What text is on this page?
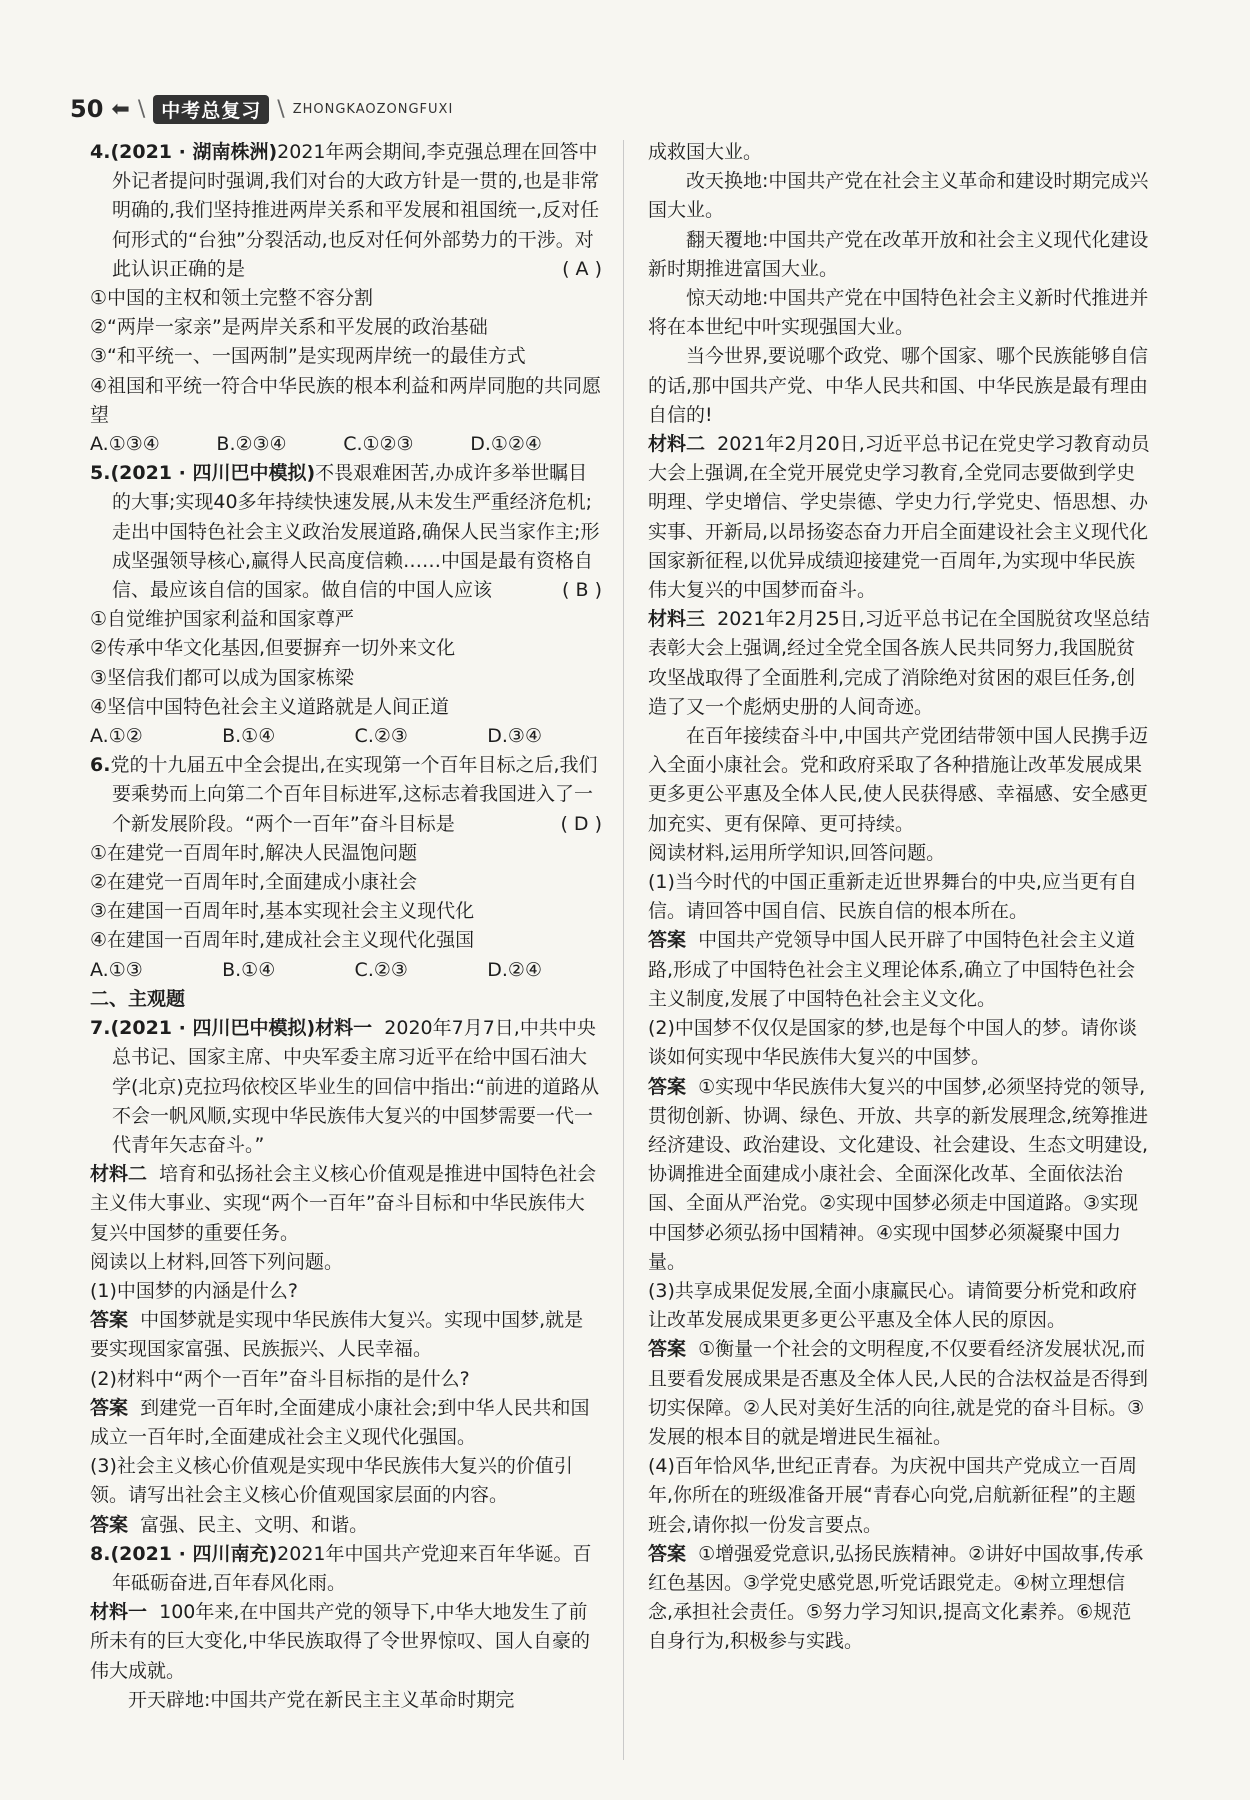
50 ⬅ \ 中考总复习 \ ZHONGKAOZONGFUXI

4.(2021 · 湖南株洲)2021年两会期间,李克强总理在回答中外记者提问时强调,我们对台的大政方针是一贯的,也是非常明确的,我们坚持推进两岸关系和平发展和祖国统一,反对任何形式的“台独”分裂活动,也反对任何外部势力的干涉。对此认识正确的是	( A )

①中国的主权和领土完整不容分割

②“两岸一家亲”是两岸关系和平发展的政治基础

③“和平统一、一国两制”是实现两岸统一的最佳方式

④祖国和平统一符合中华民族的根本利益和两岸同胞的共同愿望

A.①③④	B.②③④	C.①②③	D.①②④

5.(2021 · 四川巴中模拟)不畏艰难困苦,办成许多举世瞩目的大事;实现40多年持续快速发展,从未发生严重经济危机;走出中国特色社会主义政治发展道路,确保人民当家作主;形成坚强领导核心,赢得人民高度信赖……中国是最有资格自信、最应该自信的国家。做自信的中国人应该	( B )

①自觉维护国家利益和国家尊严

②传承中华文化基因,但要摒弃一切外来文化

③坚信我们都可以成为国家栋梁

④坚信中国特色社会主义道路就是人间正道

A.①②	B.①④	C.②③	D.③④

6.党的十九届五中全会提出,在实现第一个百年目标之后,我们要乘势而上向第二个百年目标进军,这标志着我国进入了一个新发展阶段。“两个一百年”奋斗目标是	( D )

①在建党一百周年时,解决人民温饱问题

②在建党一百周年时,全面建成小康社会

③在建国一百周年时,基本实现社会主义现代化

④在建国一百周年时,建成社会主义现代化强国

A.①③	B.①④	C.②③	D.②④

二、主观题

7.(2021 · 四川巴中模拟)材料一 2020年7月7日,中共中央总书记、国家主席、中央军委主席习近平在给中国石油大学(北京)克拉玛依校区毕业生的回信中指出:“前进的道路从不会一帆风顺,实现中华民族伟大复兴的中国梦需要一代一代青年矢志奋斗。”

材料二 培育和弘扬社会主义核心价值观是推进中国特色社会主义伟大事业、实现“两个一百年”奋斗目标和中华民族伟大复兴中国梦的重要任务。

阅读以上材料,回答下列问题。

(1)中国梦的内涵是什么?

答案 中国梦就是实现中华民族伟大复兴。实现中国梦,就是要实现国家富强、民族振兴、人民幸福。

(2)材料中“两个一百年”奋斗目标指的是什么?

答案 到建党一百年时,全面建成小康社会;到中华人民共和国成立一百年时,全面建成社会主义现代化强国。

(3)社会主义核心价值观是实现中华民族伟大复兴的价值引领。请写出社会主义核心价值观国家层面的内容。

答案 富强、民主、文明、和谐。

8.(2021 · 四川南充)2021年中国共产党迎来百年华诞。百年砥砺奋进,百年春风化雨。

材料一 100年来,在中国共产党的领导下,中华大地发生了前所未有的巨大变化,中华民族取得了令世界惊叹、国人自豪的伟大成就。

开天辟地:中国共产党在新民主主义革命时期完

成救国大业。

改天换地:中国共产党在社会主义革命和建设时期完成兴国大业。

翻天覆地:中国共产党在改革开放和社会主义现代化建设新时期推进富国大业。

惊天动地:中国共产党在中国特色社会主义新时代推进并将在本世纪中叶实现强国大业。

当今世界,要说哪个政党、哪个国家、哪个民族能够自信的话,那中国共产党、中华人民共和国、中华民族是最有理由自信的!

材料二 2021年2月20日,习近平总书记在党史学习教育动员大会上强调,在全党开展党史学习教育,全党同志要做到学史明理、学史增信、学史崇德、学史力行,学党史、悟思想、办实事、开新局,以昂扬姿态奋力开启全面建设社会主义现代化国家新征程,以优异成绩迎接建党一百周年,为实现中华民族伟大复兴的中国梦而奋斗。

材料三 2021年2月25日,习近平总书记在全国脱贫攻坚总结表彰大会上强调,经过全党全国各族人民共同努力,我国脱贫攻坚战取得了全面胜利,完成了消除绝对贫困的艰巨任务,创造了又一个彪炳史册的人间奇迹。

在百年接续奋斗中,中国共产党团结带领中国人民携手迈入全面小康社会。党和政府采取了各种措施让改革发展成果更多更公平惠及全体人民,使人民获得感、幸福感、安全感更加充实、更有保障、更可持续。

阅读材料,运用所学知识,回答问题。

(1)当今时代的中国正重新走近世界舞台的中央,应当更有自信。请回答中国自信、民族自信的根本所在。

答案 中国共产党领导中国人民开辟了中国特色社会主义道路,形成了中国特色社会主义理论体系,确立了中国特色社会主义制度,发展了中国特色社会主义文化。

(2)中国梦不仅仅是国家的梦,也是每个中国人的梦。请你谈谈如何实现中华民族伟大复兴的中国梦。

答案 ①实现中华民族伟大复兴的中国梦,必须坚持党的领导,贯彻创新、协调、绿色、开放、共享的新发展理念,统筹推进经济建设、政治建设、文化建设、社会建设、生态文明建设,协调推进全面建成小康社会、全面深化改革、全面依法治国、全面从严治党。②实现中国梦必须走中国道路。③实现中国梦必须弘扬中国精神。④实现中国梦必须凝聚中国力量。

(3)共享成果促发展,全面小康赢民心。请简要分析党和政府让改革发展成果更多更公平惠及全体人民的原因。

答案 ①衡量一个社会的文明程度,不仅要看经济发展状况,而且要看发展成果是否惠及全体人民,人民的合法权益是否得到切实保障。②人民对美好生活的向往,就是党的奋斗目标。③发展的根本目的就是增进民生福祉。

(4)百年恰风华,世纪正青春。为庆祝中国共产党成立一百周年,你所在的班级准备开展“青春心向党,启航新征程”的主题班会,请你拟一份发言要点。

答案 ①增强爱党意识,弘扬民族精神。②讲好中国故事,传承红色基因。③学党史感党恩,听党话跟党走。④树立理想信念,承担社会责任。⑤努力学习知识,提高文化素养。⑥规范自身行为,积极参与实践。
